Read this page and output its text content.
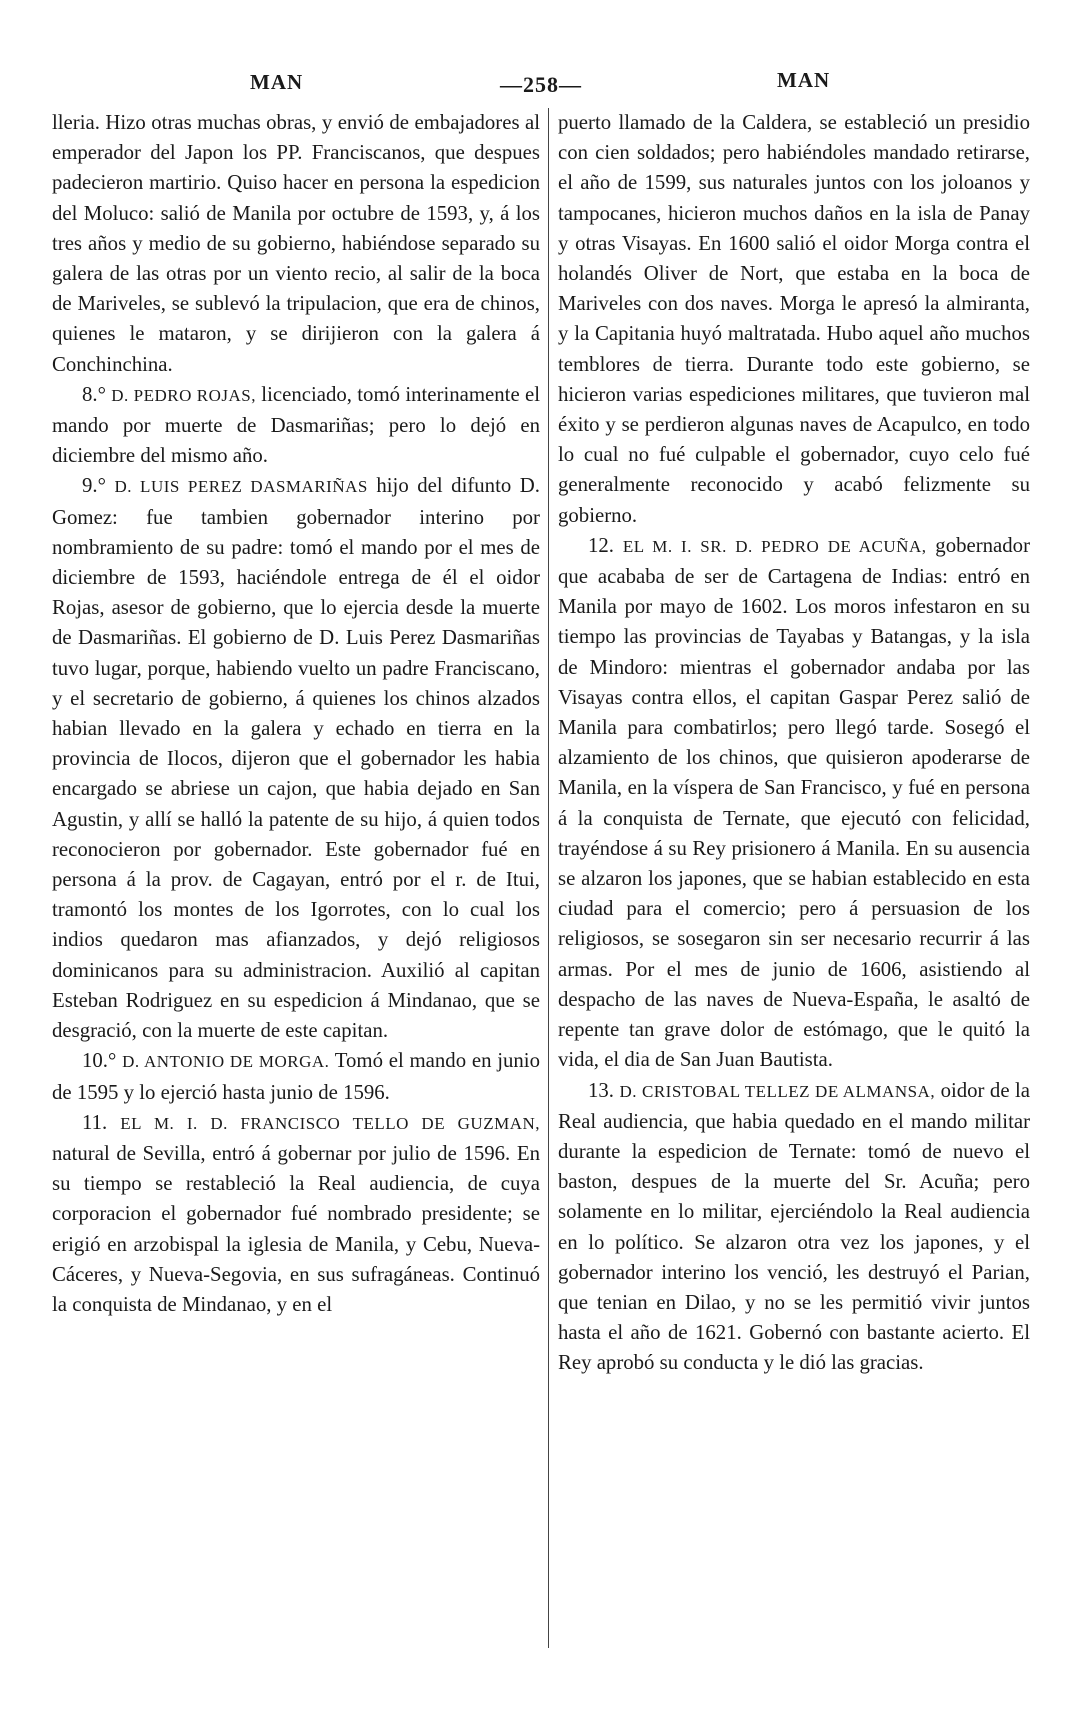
MAN	—258—	MAN

lleria. Hizo otras muchas obras, y envió de embajadores al emperador del Japon los PP. Franciscanos, que despues padecieron martirio. Quiso hacer en persona la espedicion del Moluco: salió de Manila por octubre de 1593, y, á los tres años y medio de su gobierno, habiéndose separado su galera de las otras por un viento recio, al salir de la boca de Mariveles, se sublevó la tripulacion, que era de chinos, quienes le mataron, y se dirijieron con la galera á Conchinchina.

8.° D. PEDRO ROJAS, licenciado, tomó interinamente el mando por muerte de Dasmariñas; pero lo dejó en diciembre del mismo año.

9.° D. LUIS PEREZ DASMARIÑAS hijo del difunto D. Gomez: fue tambien gobernador interino por nombramiento de su padre: tomó el mando por el mes de diciembre de 1593, haciéndole entrega de él el oidor Rojas, asesor de gobierno, que lo ejercia desde la muerte de Dasmariñas. El gobierno de D. Luis Perez Dasmariñas tuvo lugar, porque, habiendo vuelto un padre Franciscano, y el secretario de gobierno, á quienes los chinos alzados habian llevado en la galera y echado en tierra en la provincia de Ilocos, dijeron que el gobernador les habia encargado se abriese un cajon, que habia dejado en San Agustin, y allí se halló la patente de su hijo, á quien todos reconocieron por gobernador. Este gobernador fué en persona á la prov. de Cagayan, entró por el r. de Itui, tramontó los montes de los Igorrotes, con lo cual los indios quedaron mas afianzados, y dejó religiosos dominicanos para su administracion. Auxilió al capitan Esteban Rodriguez en su espedicion á Mindanao, que se desgració, con la muerte de este capitan.

10.° D. ANTONIO DE MORGA. Tomó el mando en junio de 1595 y lo ejerció hasta junio de 1596.

11. EL M. I. D. FRANCISCO TELLO DE GUZMAN, natural de Sevilla, entró á gobernar por julio de 1596. En su tiempo se restableció la Real audiencia, de cuya corporacion el gobernador fué nombrado presidente; se erigió en arzobispal la iglesia de Manila, y Cebu, Nueva-Cáceres, y Nueva-Segovia, en sus sufragáneas. Continuó la conquista de Mindanao, y en el

puerto llamado de la Caldera, se estableció un presidio con cien soldados; pero habiéndoles mandado retirarse, el año de 1599, sus naturales juntos con los joloanos y tampocanes, hicieron muchos daños en la isla de Panay y otras Visayas. En 1600 salió el oidor Morga contra el holandés Oliver de Nort, que estaba en la boca de Mariveles con dos naves. Morga le apresó la almiranta, y la Capitania huyó maltratada. Hubo aquel año muchos temblores de tierra. Durante todo este gobierno, se hicieron varias espediciones militares, que tuvieron mal éxito y se perdieron algunas naves de Acapulco, en todo lo cual no fué culpable el gobernador, cuyo celo fué generalmente reconocido y acabó felizmente su gobierno.

12. EL M. I. SR. D. PEDRO DE ACUÑA, gobernador que acababa de ser de Cartagena de Indias: entró en Manila por mayo de 1602. Los moros infestaron en su tiempo las provincias de Tayabas y Batangas, y la isla de Mindoro: mientras el gobernador andaba por las Visayas contra ellos, el capitan Gaspar Perez salió de Manila para combatirlos; pero llegó tarde. Sosegó el alzamiento de los chinos, que quisieron apoderarse de Manila, en la víspera de San Francisco, y fué en persona á la conquista de Ternate, que ejecutó con felicidad, trayéndose á su Rey prisionero á Manila. En su ausencia se alzaron los japones, que se habian establecido en esta ciudad para el comercio; pero á persuasion de los religiosos, se sosegaron sin ser necesario recurrir á las armas. Por el mes de junio de 1606, asistiendo al despacho de las naves de Nueva-España, le asaltó de repente tan grave dolor de estómago, que le quitó la vida, el dia de San Juan Bautista.

13. D. CRISTOBAL TELLEZ DE ALMANSA, oidor de la Real audiencia, que habia quedado en el mando militar durante la espedicion de Ternate: tomó de nuevo el baston, despues de la muerte del Sr. Acuña; pero solamente en lo militar, ejerciéndolo la Real audiencia en lo político. Se alzaron otra vez los japones, y el gobernador interino los venció, les destruyó el Parian, que tenian en Dilao, y no se les permitió vivir juntos hasta el año de 1621. Gobernó con bastante acierto. El Rey aprobó su conducta y le dió las gracias.
